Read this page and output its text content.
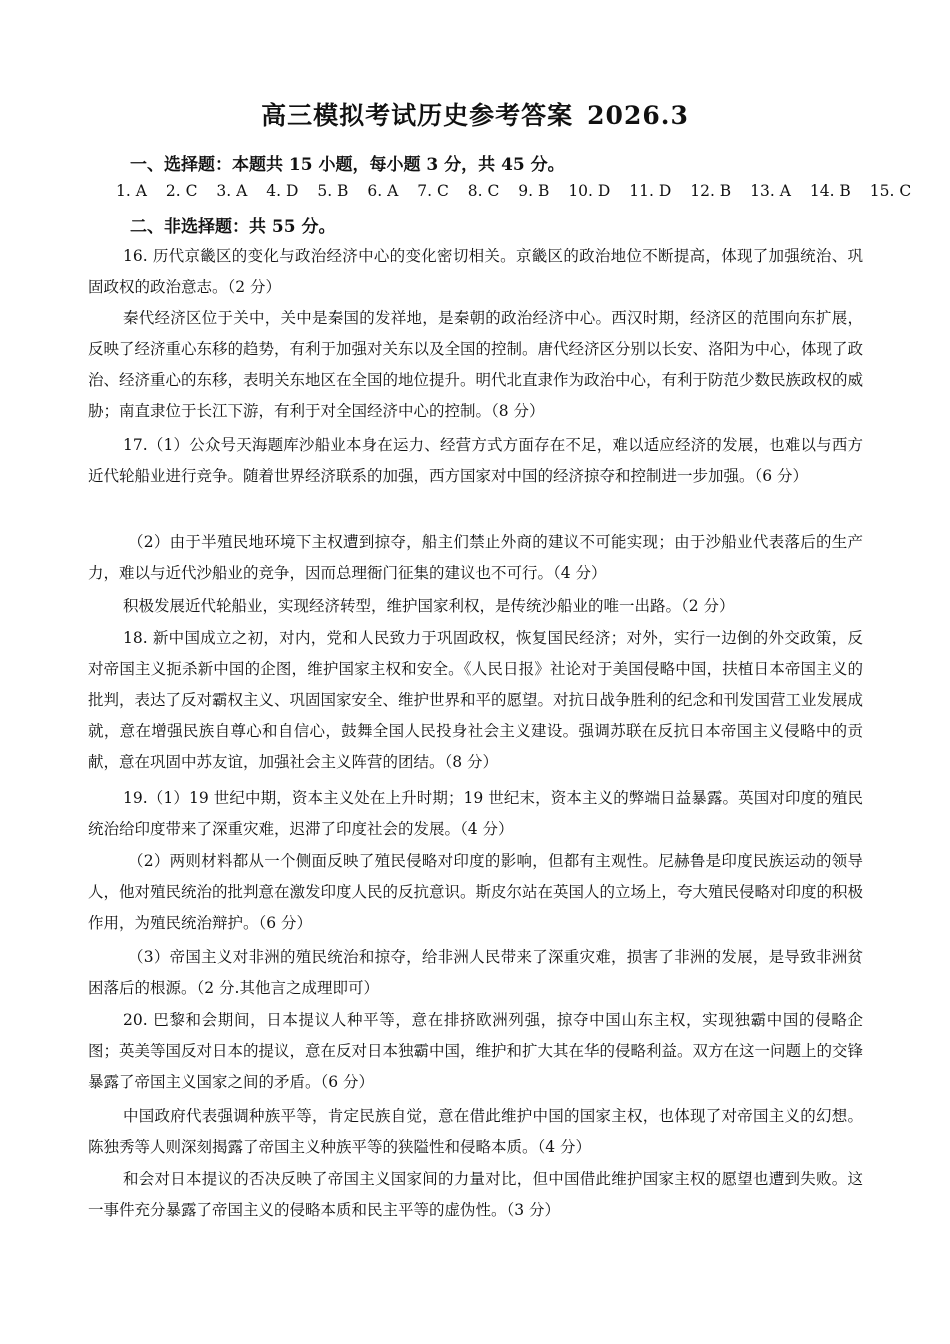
高三模拟考试历史参考答案 2026.3
一、选择题：本题共 15 小题，每小题 3 分，共 45 分。
1. A 2. C 3. A 4. D 5. B 6. A 7. C 8. C 9. B 10. D 11. D 12. B 13. A 14. B 15. C
二、非选择题：共 55 分。
16. 历代京畿区的变化与政治经济中心的变化密切相关。京畿区的政治地位不断提高，体现了加强统治、巩固政权的政治意志。（2 分）
秦代经济区位于关中，关中是秦国的发祥地，是秦朝的政治经济中心。西汉时期，经济区的范围向东扩展，反映了经济重心东移的趋势，有利于加强对关东以及全国的控制。唐代经济区分别以长安、洛阳为中心，体现了政治、经济重心的东移，表明关东地区在全国的地位提升。明代北直隶作为政治中心，有利于防范少数民族政权的威胁；南直隶位于长江下游，有利于对全国经济中心的控制。（8 分）
17.（1）公众号天海题库沙船业本身在运力、经营方式方面存在不足，难以适应经济的发展，也难以与西方近代轮船业进行竞争。随着世界经济联系的加强，西方国家对中国的经济掠夺和控制进一步加强。（6 分）
（2）由于半殖民地环境下主权遭到掠夺，船主们禁止外商的建议不可能实现；由于沙船业代表落后的生产力，难以与近代沙船业的竞争，因而总理衙门征集的建议也不可行。（4 分）
积极发展近代轮船业，实现经济转型，维护国家利权，是传统沙船业的唯一出路。（2 分）
18. 新中国成立之初，对内，党和人民致力于巩固政权，恢复国民经济；对外，实行一边倒的外交政策，反对帝国主义扼杀新中国的企图，维护国家主权和安全。《人民日报》社论对于美国侵略中国，扶植日本帝国主义的批判，表达了反对霸权主义、巩固国家安全、维护世界和平的愿望。对抗日战争胜利的纪念和刊发国营工业发展成就，意在增强民族自尊心和自信心，鼓舞全国人民投身社会主义建设。强调苏联在反抗日本帝国主义侵略中的贡献，意在巩固中苏友谊，加强社会主义阵营的团结。（8 分）
19.（1）19 世纪中期，资本主义处在上升时期；19 世纪末，资本主义的弊端日益暴露。英国对印度的殖民统治给印度带来了深重灾难，迟滞了印度社会的发展。（4 分）
（2）两则材料都从一个侧面反映了殖民侵略对印度的影响，但都有主观性。尼赫鲁是印度民族运动的领导人，他对殖民统治的批判意在激发印度人民的反抗意识。斯皮尔站在英国人的立场上，夸大殖民侵略对印度的积极作用，为殖民统治辩护。（6 分）
（3）帝国主义对非洲的殖民统治和掠夺，给非洲人民带来了深重灾难，损害了非洲的发展，是导致非洲贫困落后的根源。（2 分.其他言之成理即可）
20. 巴黎和会期间，日本提议人种平等，意在排挤欧洲列强，掠夺中国山东主权，实现独霸中国的侵略企图；英美等国反对日本的提议，意在反对日本独霸中国，维护和扩大其在华的侵略利益。双方在这一问题上的交锋暴露了帝国主义国家之间的矛盾。（6 分）
中国政府代表强调种族平等，肯定民族自觉，意在借此维护中国的国家主权，也体现了对帝国主义的幻想。陈独秀等人则深刻揭露了帝国主义种族平等的狭隘性和侵略本质。（4 分）
和会对日本提议的否决反映了帝国主义国家间的力量对比，但中国借此维护国家主权的愿望也遭到失败。这一事件充分暴露了帝国主义的侵略本质和民主平等的虚伪性。（3 分）
